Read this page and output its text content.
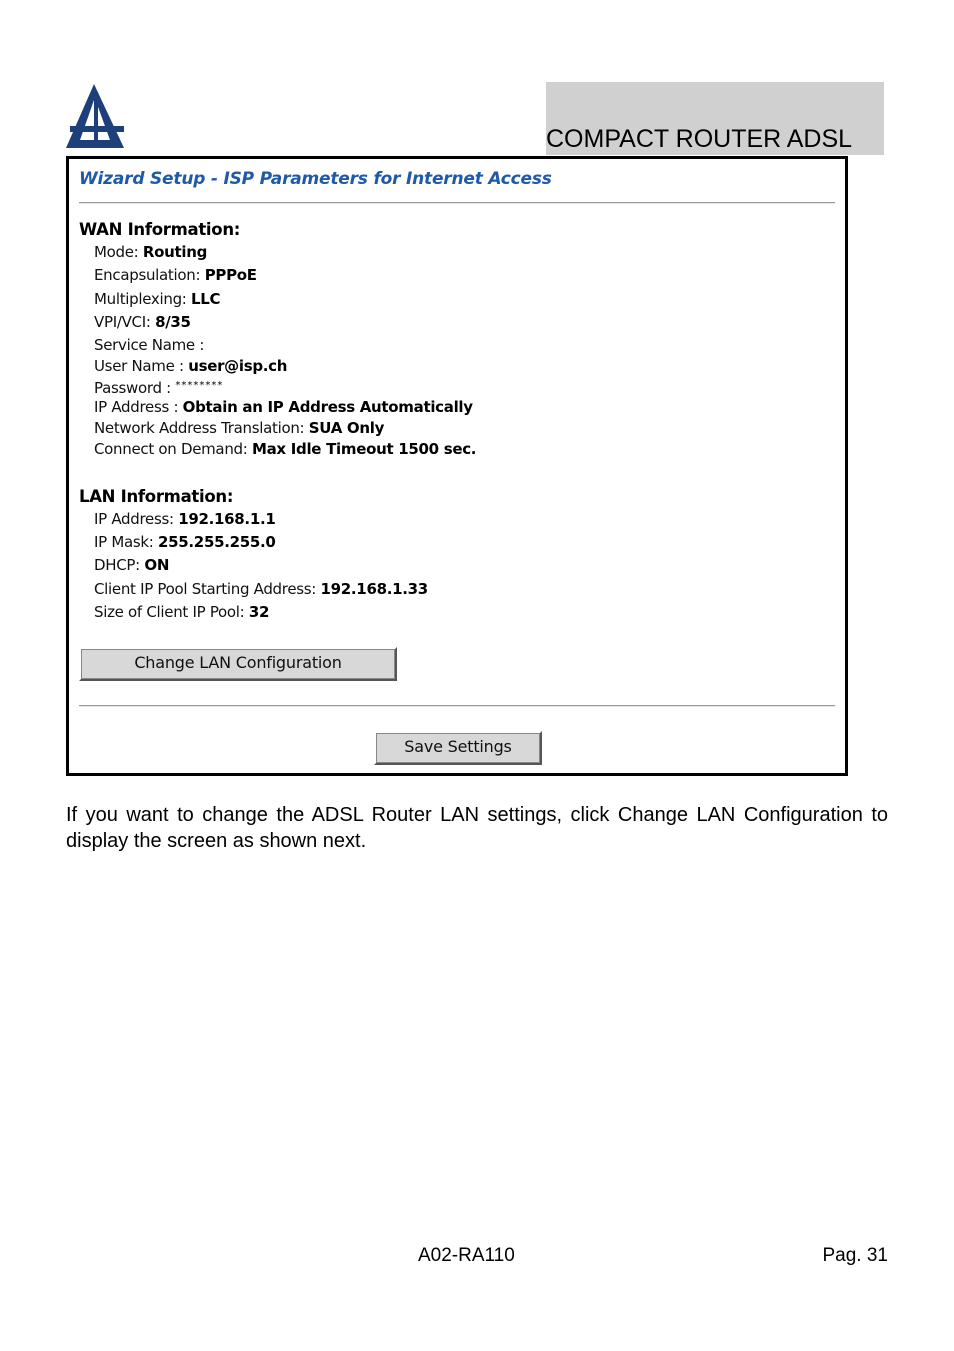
COMPACT ROUTER ADSL
Wizard Setup - ISP Parameters for Internet Access
WAN Information:
Mode: Routing
Encapsulation: PPPoE
Multiplexing: LLC
VPI/VCI: 8/35
Service Name :
User Name : user@isp.ch
Password : ********
IP Address : Obtain an IP Address Automatically
Network Address Translation: SUA Only
Connect on Demand: Max Idle Timeout 1500 sec.
LAN Information:
IP Address: 192.168.1.1
IP Mask: 255.255.255.0
DHCP: ON
Client IP Pool Starting Address: 192.168.1.33
Size of Client IP Pool: 32
Change LAN Configuration
Save Settings
If you want to change the ADSL Router LAN settings, click Change LAN Configuration to display the screen as shown next.
A02-RA110	Pag. 31
